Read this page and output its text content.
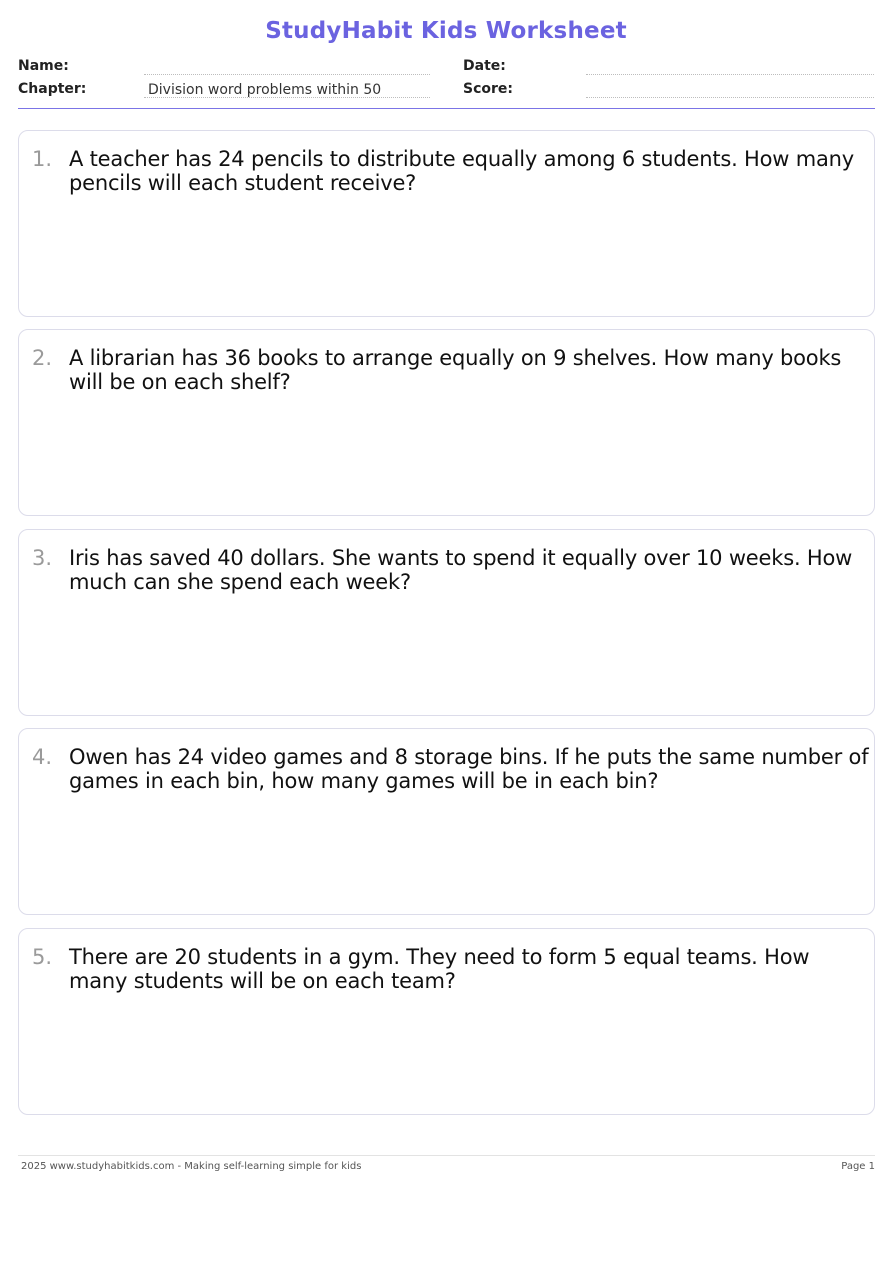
StudyHabit Kids Worksheet
Name:	Date:
Chapter:	Division word problems within 50	Score:
1. A teacher has 24 pencils to distribute equally among 6 students. How many pencils will each student receive?
2. A librarian has 36 books to arrange equally on 9 shelves. How many books will be on each shelf?
3. Iris has saved 40 dollars. She wants to spend it equally over 10 weeks. How much can she spend each week?
4. Owen has 24 video games and 8 storage bins. If he puts the same number of games in each bin, how many games will be in each bin?
5. There are 20 students in a gym. They need to form 5 equal teams. How many students will be on each team?
2025 www.studyhabitkids.com - Making self-learning simple for kids	Page 1
